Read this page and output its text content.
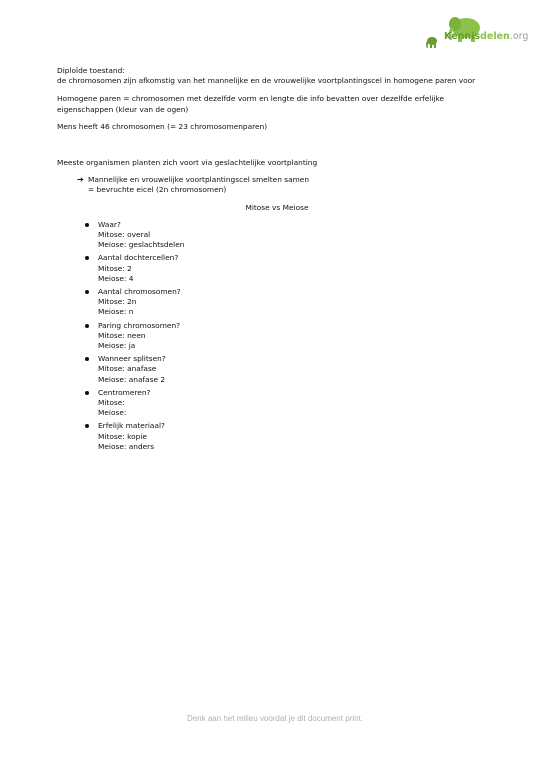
Kennisdelen.org

Diploïde toestand:

de chromosomen zijn afkomstig van het mannelijke en de vrouwelijke voortplantingscel in homogene paren voor

Homogene paren = chromosomen met dezelfde vorm en lengte die info bevatten over dezelfde erfelijke eigenschappen (kleur van de ogen)

Mens heeft 46 chromosomen (= 23 chromosomenparen)

Meeste organismen planten zich voort via geslachtelijke voortplanting

➔ Mannelijke en vrouwelijke voortplantingscel smelten samen

= bevruchte eicel (2n chromosomen)

Mitose vs Meiose

Waar?

Mitose: overal

Meiose: geslachtsdelen

Aantal dochtercellen?

Mitose: 2

Meiose: 4

Aantal chromosomen?

Mitose: 2n

Meiose: n

Paring chromosomen?

Mitose: neen

Meiose: ja

Wanneer splitsen?

Mitose: anafase

Meiose: anafase 2

Centromeren?

Mitose:

Meiose:

Erfelijk materiaal?

Mitose: kopie

Meiose: anders

Denk aan het milieu voordat je dit document print.
